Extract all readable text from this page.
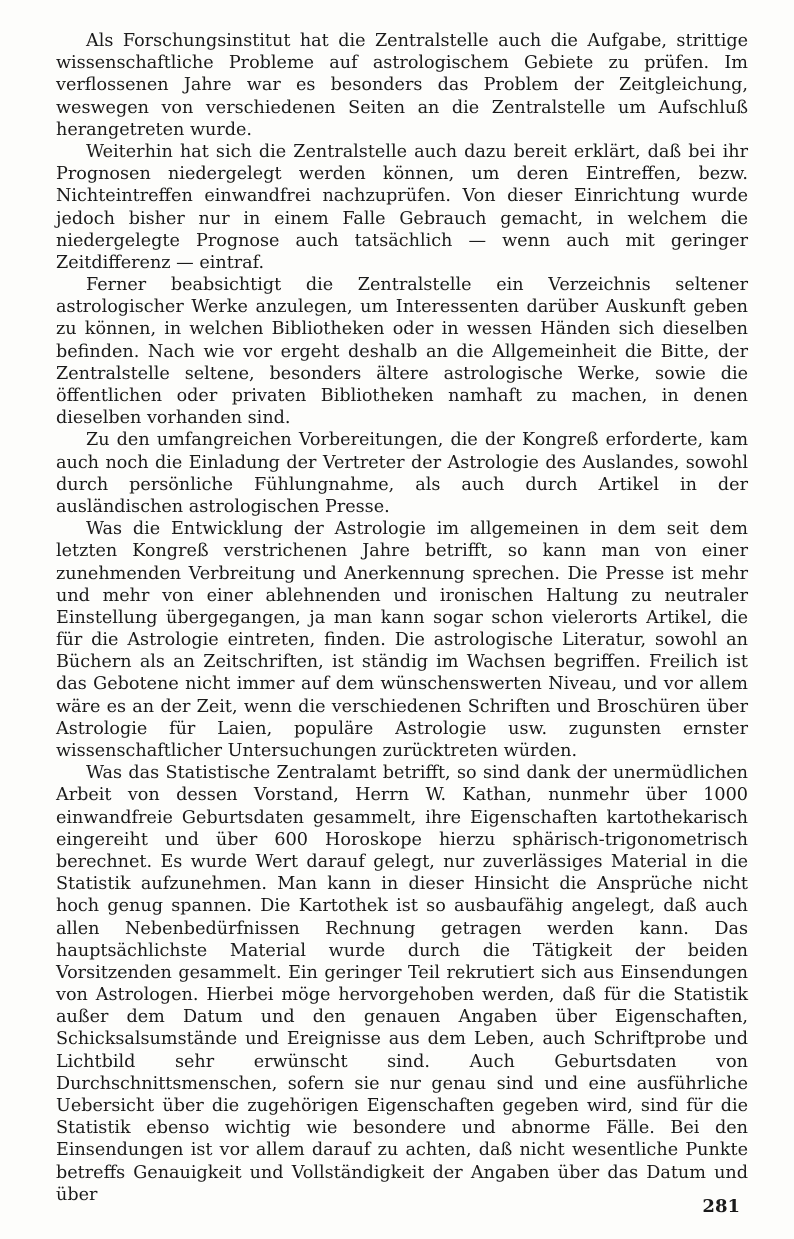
Als Forschungsinstitut hat die Zentralstelle auch die Aufgabe, strittige wissenschaftliche Probleme auf astrologischem Gebiete zu prüfen. Im verflossenen Jahre war es besonders das Problem der Zeitgleichung, weswegen von verschiedenen Seiten an die Zentralstelle um Aufschluß herangetreten wurde.

Weiterhin hat sich die Zentralstelle auch dazu bereit erklärt, daß bei ihr Prognosen niedergelegt werden können, um deren Eintreffen, bezw. Nichteintreffen einwandfrei nachzuprüfen. Von dieser Einrichtung wurde jedoch bisher nur in einem Falle Gebrauch gemacht, in welchem die niedergelegte Prognose auch tatsächlich — wenn auch mit geringer Zeitdifferenz — eintraf.

Ferner beabsichtigt die Zentralstelle ein Verzeichnis seltener astrologischer Werke anzulegen, um Interessenten darüber Auskunft geben zu können, in welchen Bibliotheken oder in wessen Händen sich dieselben befinden. Nach wie vor ergeht deshalb an die Allgemeinheit die Bitte, der Zentralstelle seltene, besonders ältere astrologische Werke, sowie die öffentlichen oder privaten Bibliotheken namhaft zu machen, in denen dieselben vorhanden sind.

Zu den umfangreichen Vorbereitungen, die der Kongreß erforderte, kam auch noch die Einladung der Vertreter der Astrologie des Auslandes, sowohl durch persönliche Fühlungnahme, als auch durch Artikel in der ausländischen astrologischen Presse.

Was die Entwicklung der Astrologie im allgemeinen in dem seit dem letzten Kongreß verstrichenen Jahre betrifft, so kann man von einer zunehmenden Verbreitung und Anerkennung sprechen. Die Presse ist mehr und mehr von einer ablehnenden und ironischen Haltung zu neutraler Einstellung übergegangen, ja man kann sogar schon vielerorts Artikel, die für die Astrologie eintreten, finden. Die astrologische Literatur, sowohl an Büchern als an Zeitschriften, ist ständig im Wachsen begriffen. Freilich ist das Gebotene nicht immer auf dem wünschenswerten Niveau, und vor allem wäre es an der Zeit, wenn die verschiedenen Schriften und Broschüren über Astrologie für Laien, populäre Astrologie usw. zugunsten ernster wissenschaftlicher Untersuchungen zurücktreten würden.

Was das Statistische Zentralamt betrifft, so sind dank der unermüdlichen Arbeit von dessen Vorstand, Herrn W. Kathan, nunmehr über 1000 einwandfreie Geburtsdaten gesammelt, ihre Eigenschaften kartothekarisch eingereiht und über 600 Horoskope hierzu sphärisch-trigonometrisch berechnet. Es wurde Wert darauf gelegt, nur zuverlässiges Material in die Statistik aufzunehmen. Man kann in dieser Hinsicht die Ansprüche nicht hoch genug spannen. Die Kartothek ist so ausbaufähig angelegt, daß auch allen Nebenbedürfnissen Rechnung getragen werden kann. Das hauptsächlichste Material wurde durch die Tätigkeit der beiden Vorsitzenden gesammelt. Ein geringer Teil rekrutiert sich aus Einsendungen von Astrologen. Hierbei möge hervorgehoben werden, daß für die Statistik außer dem Datum und den genauen Angaben über Eigenschaften, Schicksalsumstände und Ereignisse aus dem Leben, auch Schriftprobe und Lichtbild sehr erwünscht sind. Auch Geburtsdaten von Durchschnittsmenschen, sofern sie nur genau sind und eine ausführliche Uebersicht über die zugehörigen Eigenschaften gegeben wird, sind für die Statistik ebenso wichtig wie besondere und abnorme Fälle. Bei den Einsendungen ist vor allem darauf zu achten, daß nicht wesentliche Punkte betreffs Genauigkeit und Vollständigkeit der Angaben über das Datum und über

281
